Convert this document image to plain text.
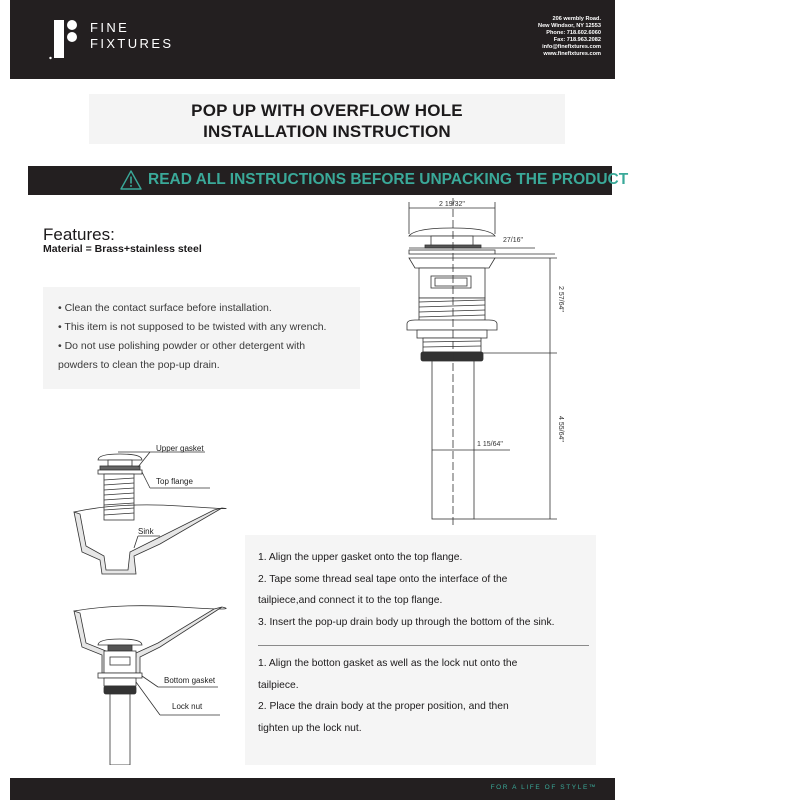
FINE
FIXTURES
206 wembly Road.
New Windsor, NY 12553
Phone: 718.602.6060
Fax: 718.963.2082
info@finefixtures.com
www.finefixtures.com
POP UP WITH OVERFLOW HOLE
INSTALLATION INSTRUCTION
READ ALL INSTRUCTIONS BEFORE UNPACKING THE PRODUCT
Features:
Material = Brass+stainless steel

• Clean the contact surface before installation.

• This item is not supposed to be twisted with any wrench.

• Do not use polishing powder or other detergent with

powders to clean the pop-up drain.

2 19/32"
27/16"
2 57/64"
1 15/64"
4 55/64"
Upper gasket
Top flange
Sink
Bottom gasket
Lock nut
1. Align the upper gasket onto the top flange.
2. Tape some thread seal tape onto the interface of the
tailpiece,and connect it to the top flange.
3. Insert the pop-up drain body up through the bottom of the sink.
1. Align the botton gasket as well as the lock nut onto the
tailpiece.
2. Place the drain body at the proper position, and then
tighten up the lock nut.
FOR A LIFE OF STYLE™
